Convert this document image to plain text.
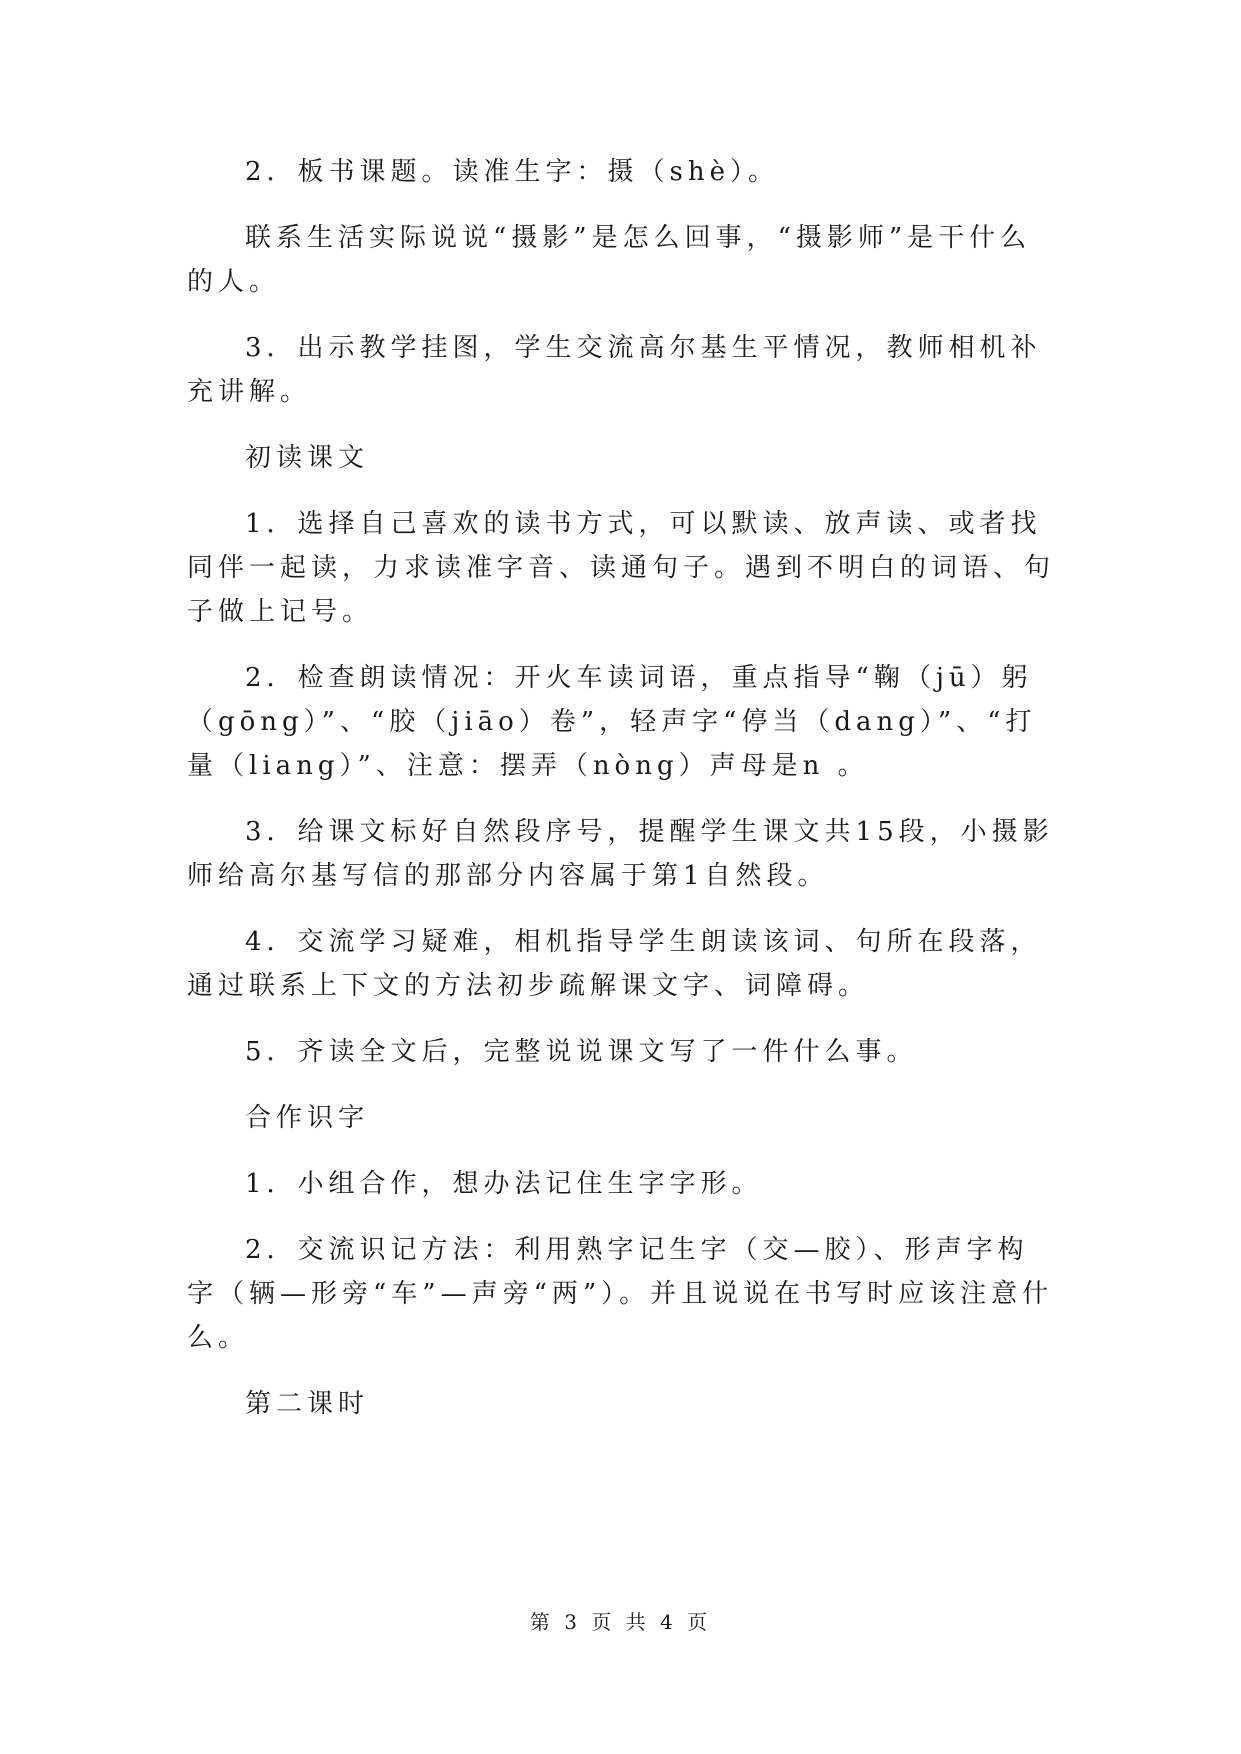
2．板书课题。读准生字：摄（shè）。

联系生活实际说说“摄影”是怎么回事，“摄影师”是干什么的人。

3．出示教学挂图，学生交流高尔基生平情况，教师相机补充讲解。

初读课文

1．选择自己喜欢的读书方式，可以默读、放声读、或者找同伴一起读，力求读准字音、读通句子。遇到不明白的词语、句子做上记号。

2．检查朗读情况：开火车读词语，重点指导“鞠（jū）躬（gōng）”、“胶（jiāo）卷”，轻声字“停当（dang）”、“打量（liang）”、注意：摆弄（nòng）声母是n 。

3．给课文标好自然段序号，提醒学生课文共15段，小摄影师给高尔基写信的那部分内容属于第1自然段。

4．交流学习疑难，相机指导学生朗读该词、句所在段落，通过联系上下文的方法初步疏解课文字、词障碍。

5．齐读全文后，完整说说课文写了一件什么事。

合作识字

1．小组合作，想办法记住生字字形。

2．交流识记方法：利用熟字记生字（交—胶）、形声字构字（辆—形旁“车”—声旁“两”）。并且说说在书写时应该注意什么。

第二课时

第 3 页 共 4 页
